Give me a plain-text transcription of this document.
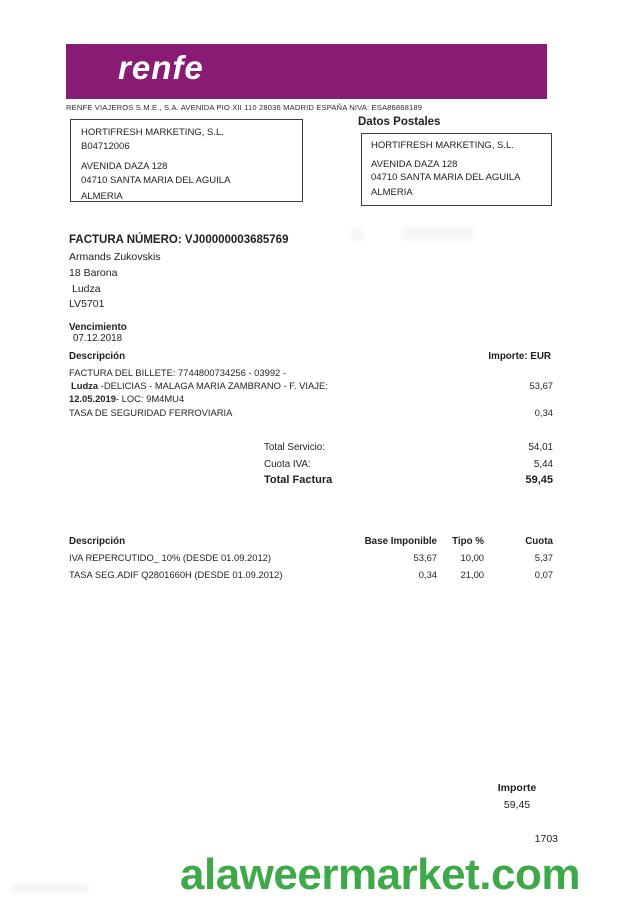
renfe
RENFE VIAJEROS S.M.E., S.A. AVENIDA PIO XII 110 28036 MADRID ESPAÑA NIVA: ESA86868189
HORTIFRESH MARKETING, S.L.
B04712006
AVENIDA DAZA 128
04710 SANTA MARIA DEL AGUILA
ALMERIA
Datos Postales
HORTIFRESH MARKETING, S.L.
AVENIDA DAZA 128
04710 SANTA MARIA DEL AGUILA
ALMERIA
FACTURA NÚMERO: VJ00000003685769
Armands Zukovskis
18 Barona
Ludza
LV5701
Vencimiento
07.12.2018
Descripción	Importe: EUR
FACTURA DEL BILLETE: 7744800734256 - 03992 -
Ludza -DELICIAS - MALAGA MARIA ZAMBRANO - F. VIAJE:	53,67
12.05.2019- LOC: 9M4MU4
TASA DE SEGURIDAD FERROVIARIA	0,34
Total Servicio:	54,01
Cuota IVA:	5,44
Total Factura	59,45
Descripción	Base Imponible	Tipo %	Cuota
IVA REPERCUTIDO_ 10% (DESDE 01.09.2012)	53,67	10,00	5,37
TASA SEG.ADIF Q2801660H (DESDE 01.09.2012)	0,34	21,00	0,07
Importe
59,45
1703
alaweermarket.com
